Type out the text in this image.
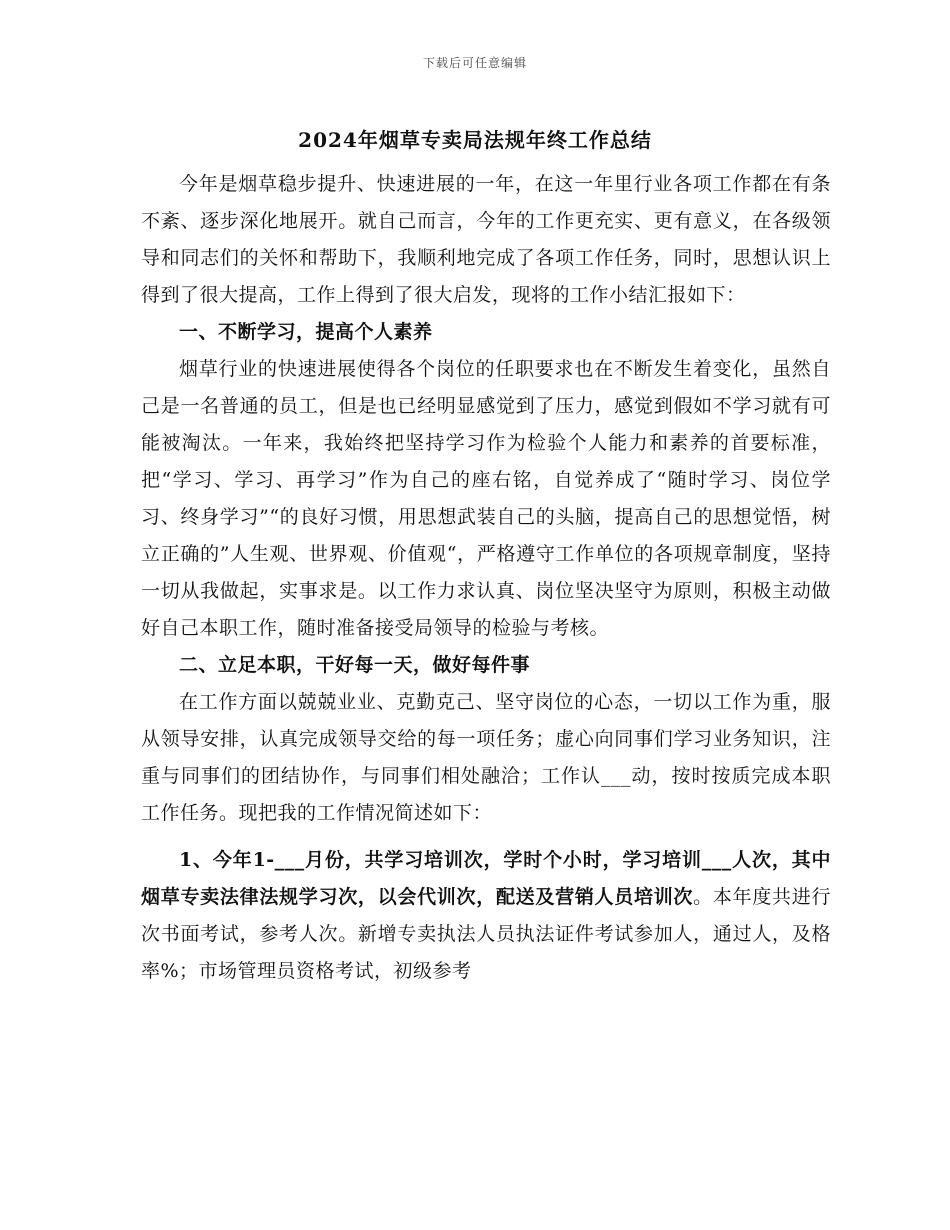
下载后可任意编辑
2024年烟草专卖局法规年终工作总结

今年是烟草稳步提升、快速进展的一年，在这一年里行业各项工作都在有条不紊、逐步深化地展开。就自己而言，今年的工作更充实、更有意义，在各级领导和同志们的关怀和帮助下，我顺利地完成了各项工作任务，同时，思想认识上得到了很大提高，工作上得到了很大启发，现将的工作小结汇报如下：

一、不断学习，提高个人素养

烟草行业的快速进展使得各个岗位的任职要求也在不断发生着变化，虽然自己是一名普通的员工，但是也已经明显感觉到了压力，感觉到假如不学习就有可能被淘汰。一年来，我始终把坚持学习作为检验个人能力和素养的首要标准，把“学习、学习、再学习”作为自己的座右铭，自觉养成了“随时学习、岗位学习、终身学习”“的良好习惯，用思想武装自己的头脑，提高自己的思想觉悟，树立正确的”人生观、世界观、价值观“，严格遵守工作单位的各项规章制度，坚持一切从我做起，实事求是。以工作力求认真、岗位坚决坚守为原则，积极主动做好自己本职工作，随时准备接受局领导的检验与考核。

二、立足本职，干好每一天，做好每件事

在工作方面以兢兢业业、克勤克己、坚守岗位的心态，一切以工作为重，服从领导安排，认真完成领导交给的每一项任务；虚心向同事们学习业务知识，注重与同事们的团结协作，与同事们相处融洽；工作认___动，按时按质完成本职工作任务。现把我的工作情况简述如下：

1、今年1-___月份，共学习培训次，学时个小时，学习培训___人次，其中烟草专卖法律法规学习次，以会代训次，配送及营销人员培训次。本年度共进行次书面考试，参考人次。新增专卖执法人员执法证件考试参加人，通过人，及格率%；市场管理员资格考试，初级参考
